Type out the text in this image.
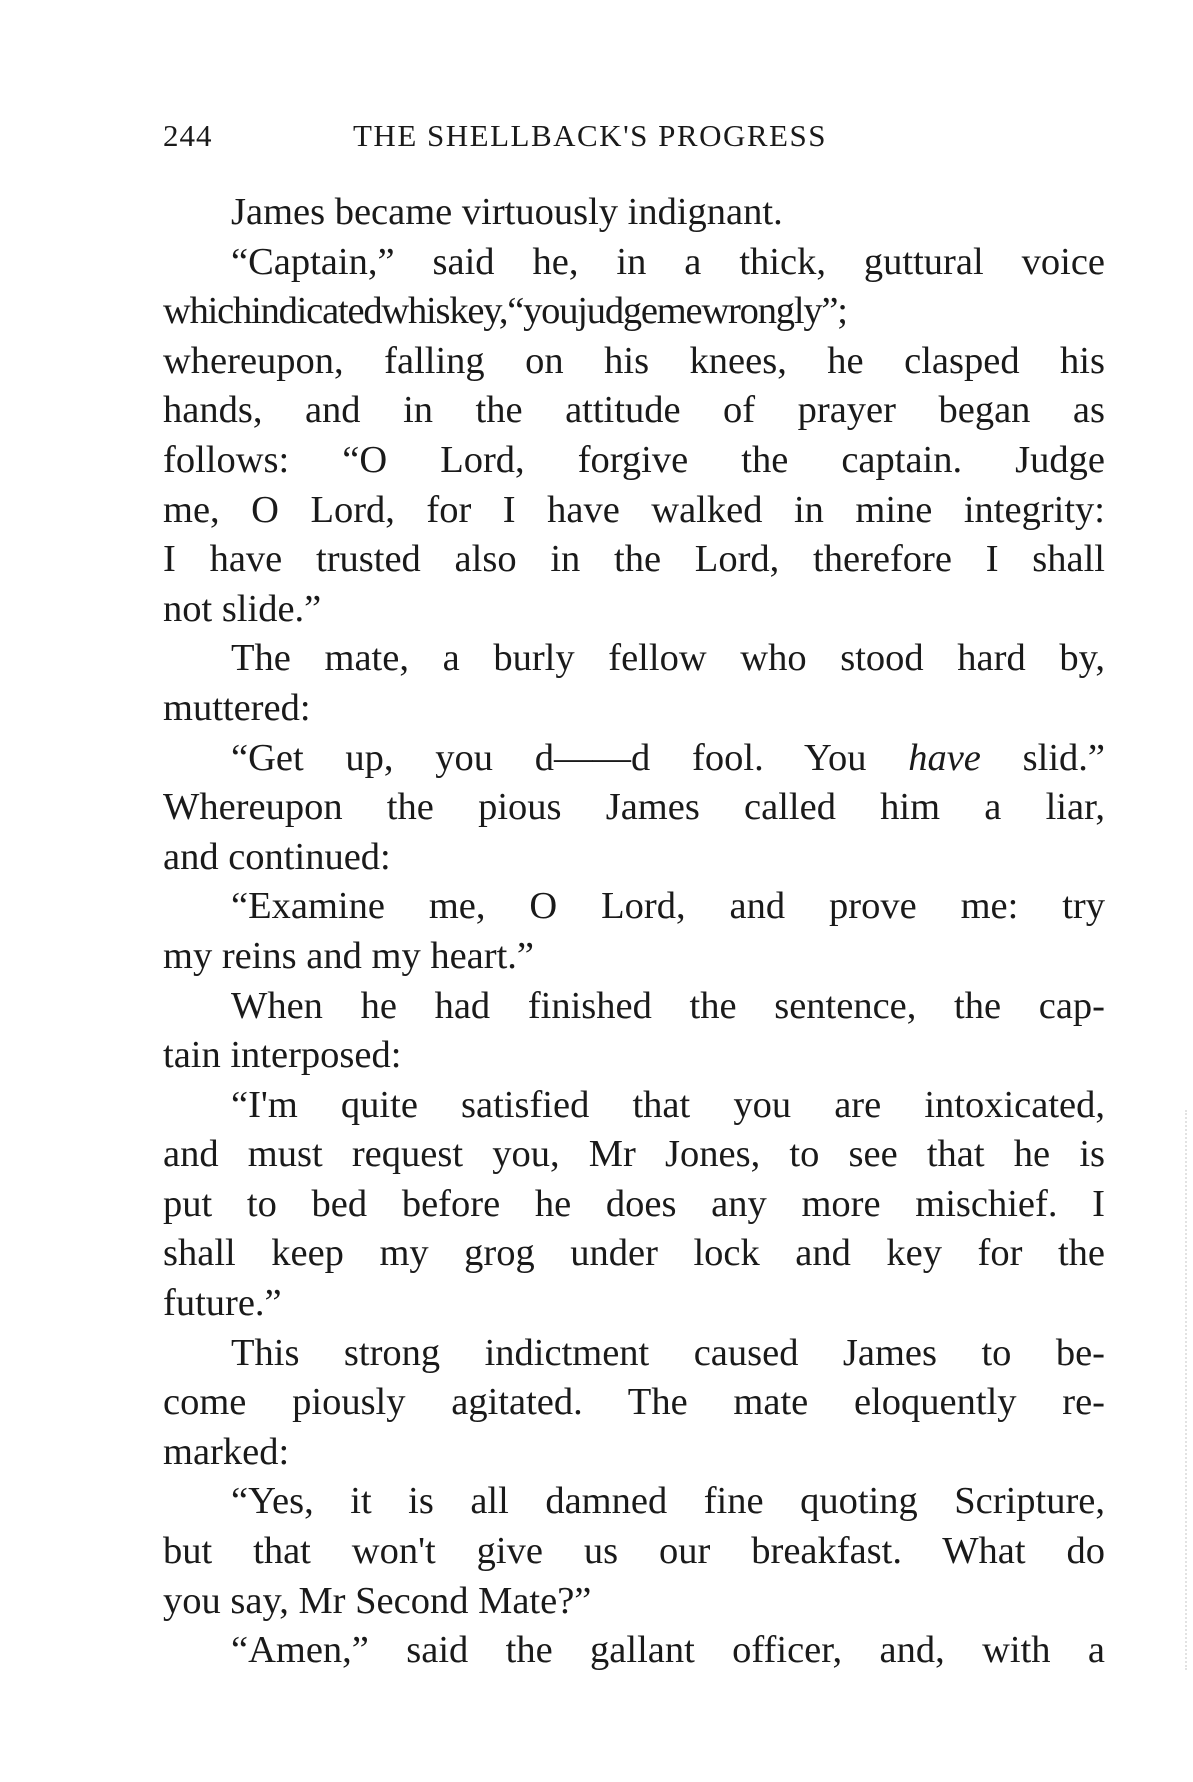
244	THE SHELLBACK'S PROGRESS
James became virtuously indignant.
“Captain,” said he, in a thick, guttural voice
whichindicatedwhiskey,“youjudgemewrongly”;
whereupon, falling on his knees, he clasped his
hands, and in the attitude of prayer began as
follows: “O Lord, forgive the captain. Judge
me, O Lord, for I have walked in mine integrity:
I have trusted also in the Lord, therefore I shall
not slide.”
The mate, a burly fellow who stood hard by,
muttered:
“Get up, you d——d fool. You have slid.”
Whereupon the pious James called him a liar,
and continued:
“Examine me, O Lord, and prove me: try
my reins and my heart.”
When he had finished the sentence, the cap-
tain interposed:
“I'm quite satisfied that you are intoxicated,
and must request you, Mr Jones, to see that he is
put to bed before he does any more mischief. I
shall keep my grog under lock and key for the
future.”
This strong indictment caused James to be-
come piously agitated. The mate eloquently re-
marked:
“Yes, it is all damned fine quoting Scripture,
but that won't give us our breakfast. What do
you say, Mr Second Mate?”
“Amen,” said the gallant officer, and, with a
